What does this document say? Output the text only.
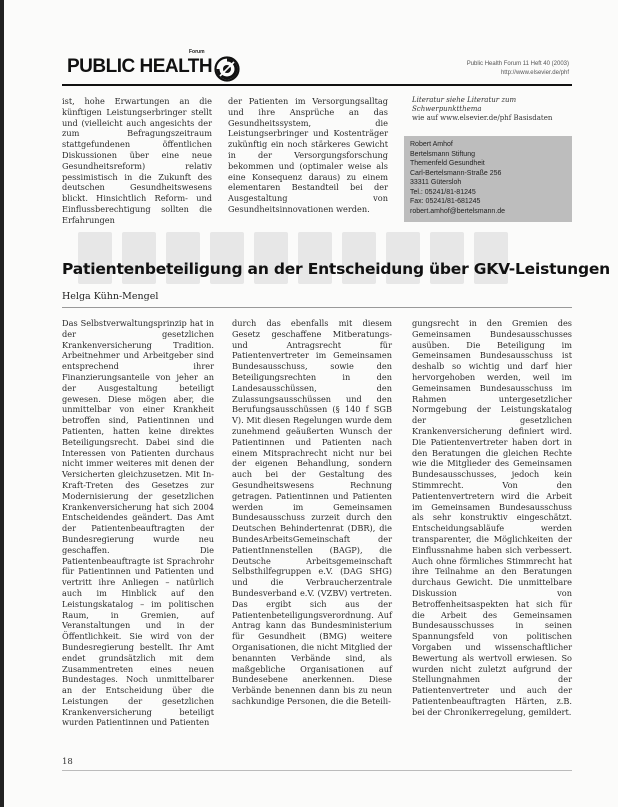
Forum
PUBLIC HEALTH	Public Health Forum 11 Heft 40 (2003)
http://www.elsevier.de/phf

ist, hohe Erwartungen an die künftigen Leistungserbringer stellt und (vielleicht auch angesichts der zum Befragungszeitraum stattgefundenen öffentlichen Diskussionen über eine neue Gesundheitsreform) relativ pessimistisch in die Zukunft des deutschen Gesundheitswesens blickt. Hinsichtlich Reform- und Einflussberechtigung sollten die Erfahrungen

der Patienten im Versorgungsalltag und ihre Ansprüche an das Gesundheitssystem, die Leistungserbringer und Kostenträger zukünftig ein noch stärkeres Gewicht in der Versorgungsforschung bekommen und (optimaler weise als eine Konsequenz daraus) zu einem elementaren Bestandteil bei der Ausgestaltung von Gesundheitsinnovationen werden.

Literatur siehe Literatur zum Schwerpunktthema
wie auf www.elsevier.de/phf Basisdaten
Robert Amhof
Bertelsmann Stiftung
Themenfeld Gesundheit
Carl-Bertelsmann-Straße 256
33311 Gütersloh
Tel.: 05241/81-81245
Fax: 05241/81-681245
robert.amhof@bertelsmann.de
Patientenbeteiligung an der Entscheidung über GKV-Leistungen
Helga Kühn-Mengel

Das Selbstverwaltungsprinzip hat in der gesetzlichen Krankenversicherung Tradition. Arbeitnehmer und Arbeitgeber sind entsprechend ihrer Finanzierungsanteile von jeher an der Ausgestaltung beteiligt gewesen. Diese mögen aber, die unmittelbar von einer Krankheit betroffen sind, Patientinnen und Patienten, hatten keine direktes Beteiligungsrecht. Dabei sind die Interessen von Patienten durchaus nicht immer weiteres mit denen der Versicherten gleichzusetzen. Mit In-Kraft-Treten des Gesetzes zur Modernisierung der gesetzlichen Krankenversicherung hat sich 2004 Entscheidendes geändert. Das Amt der Patientenbeauftragten der Bundesregierung wurde neu geschaffen. Die Patientenbeauftragte ist Sprachrohr für Patientinnen und Patienten und vertritt ihre Anliegen – natürlich auch im Hinblick auf den Leistungskatalog – im politischen Raum, in Gremien, auf Veranstaltungen und in der Öffentlichkeit. Sie wird von der Bundesregierung bestellt. Ihr Amt endet grundsätzlich mit dem Zusammentreten eines neuen Bundestages. Noch unmittelbarer an der Entscheidung über die Leistungen der gesetzlichen Krankenversicherung beteiligt wurden Patientinnen und Patienten

durch das ebenfalls mit diesem Gesetz geschaffene Mitberatungs- und Antragsrecht für Patientenvertreter im Gemeinsamen Bundesausschuss, sowie den Beteiligungsrechten in den Landesausschüssen, den Zulassungsausschüssen und den Berufungsausschüssen (§ 140 f SGB V). Mit diesen Regelungen wurde dem zunehmend geäußerten Wunsch der Patientinnen und Patienten nach einem Mitsprachrecht nicht nur bei der eigenen Behandlung, sondern auch bei der Gestaltung des Gesundheitswesens Rechnung getragen. Patientinnen und Patienten werden im Gemeinsamen Bundesausschuss zurzeit durch den Deutschen Behindertenrat (DBR), die BundesArbeitsGemeinschaft der PatientInnenstellen (BAGP), die Deutsche Arbeitsgemeinschaft Selbsthilfegruppen e.V. (DAG SHG) und die Verbraucherzentrale Bundesverband e.V. (VZBV) vertreten. Das ergibt sich aus der Patientenbeteiligungsverordnung. Auf Antrag kann das Bundesministerium für Gesundheit (BMG) weitere Organisationen, die nicht Mitglied der benannten Verbände sind, als maßgebliche Organisationen auf Bundesebene anerkennen. Diese Verbände benennen dann bis zu neun sachkundige Personen, die die Beteili-

gungsrecht in den Gremien des Gemeinsamen Bundesausschusses ausüben. Die Beteiligung im Gemeinsamen Bundesausschuss ist deshalb so wichtig und darf hier hervorgehoben werden, weil im Gemeinsamen Bundesausschuss im Rahmen untergesetzlicher Normgebung der Leistungskatalog der gesetzlichen Krankenversicherung definiert wird. Die Patientenvertreter haben dort in den Beratungen die gleichen Rechte wie die Mitglieder des Gemeinsamen Bundesausschusses, jedoch kein Stimmrecht. Von den Patientenvertretern wird die Arbeit im Gemeinsamen Bundesausschuss als sehr konstruktiv eingeschätzt. Entscheidungsabläufe werden transparenter, die Möglichkeiten der Einflussnahme haben sich verbessert. Auch ohne förmliches Stimmrecht hat ihre Teilnahme an den Beratungen durchaus Gewicht. Die unmittelbare Diskussion von Betroffenheitsaspekten hat sich für die Arbeit des Gemeinsamen Bundesausschusses in seinen Spannungsfeld von politischen Vorgaben und wissenschaftlicher Bewertung als wertvoll erwiesen. So wurden nicht zuletzt aufgrund der Stellungnahmen der Patientenvertreter und auch der Patientenbeauftragten Härten, z.B. bei der Chronikerregelung, gemildert.

18
